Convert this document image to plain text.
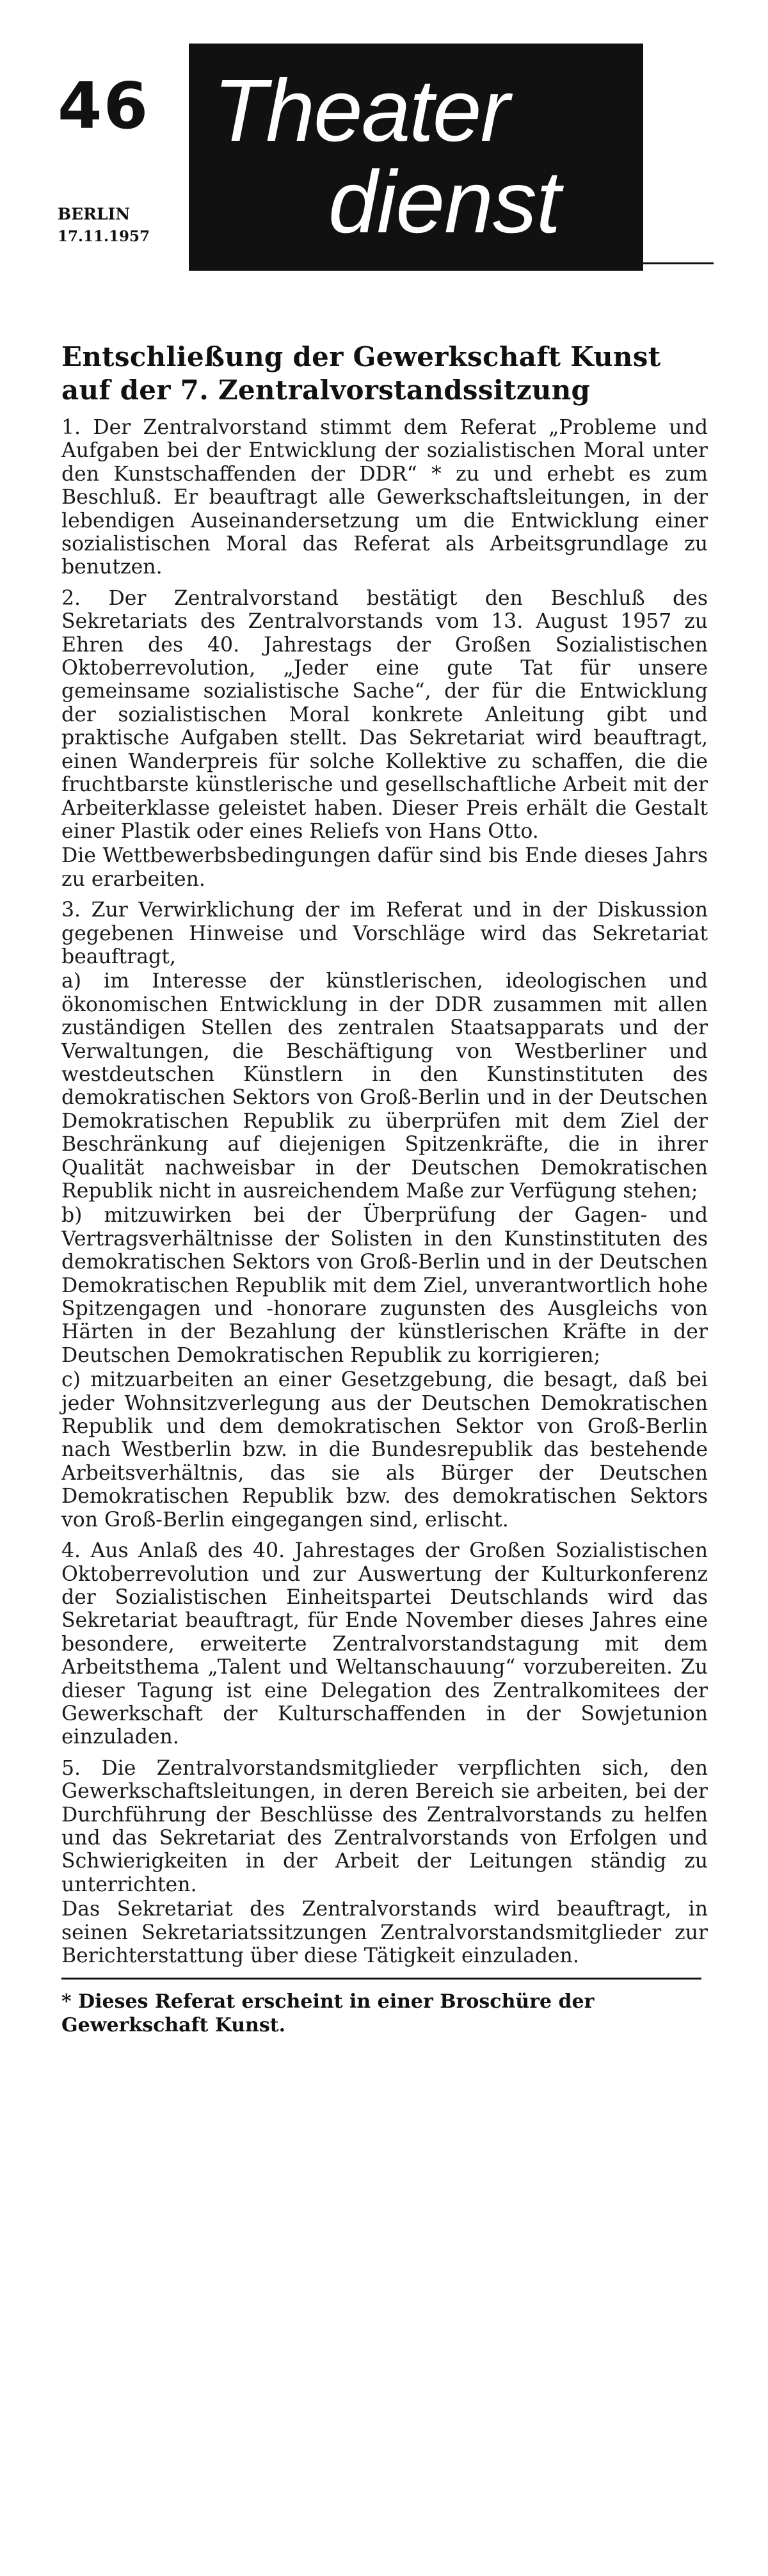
46
BERLIN
17.11.1957
Theater
dienst
Entschließung der Gewerkschaft Kunst auf der 7. Zentralvorstandssitzung

1. Der Zentralvorstand stimmt dem Referat „Probleme und Aufgaben bei der Entwicklung der sozialistischen Moral unter den Kunstschaffenden der DDR“ * zu und erhebt es zum Beschluß. Er beauftragt alle Gewerkschaftsleitungen, in der lebendigen Auseinandersetzung um die Entwicklung einer sozialistischen Moral das Referat als Arbeitsgrundlage zu benutzen.

2. Der Zentralvorstand bestätigt den Beschluß des Sekretariats des Zentralvorstands vom 13. August 1957 zu Ehren des 40. Jahrestags der Großen Sozialistischen Oktoberrevolution, „Jeder eine gute Tat für unsere gemeinsame sozialistische Sache“, der für die Entwicklung der sozialistischen Moral konkrete Anleitung gibt und praktische Aufgaben stellt. Das Sekretariat wird beauftragt, einen Wanderpreis für solche Kollektive zu schaffen, die die fruchtbarste künstlerische und gesellschaftliche Arbeit mit der Arbeiterklasse geleistet haben. Dieser Preis erhält die Gestalt einer Plastik oder eines Reliefs von Hans Otto.

Die Wettbewerbsbedingungen dafür sind bis Ende dieses Jahrs zu erarbeiten.

3. Zur Verwirklichung der im Referat und in der Diskussion gegebenen Hinweise und Vorschläge wird das Sekretariat beauftragt,

a) im Interesse der künstlerischen, ideologischen und ökonomischen Entwicklung in der DDR zusammen mit allen zuständigen Stellen des zentralen Staatsapparats und der Verwaltungen, die Beschäftigung von Westberliner und westdeutschen Künstlern in den Kunstinstituten des demokratischen Sektors von Groß-Berlin und in der Deutschen Demokratischen Republik zu überprüfen mit dem Ziel der Beschränkung auf diejenigen Spitzenkräfte, die in ihrer Qualität nachweisbar in der Deutschen Demokratischen Republik nicht in ausreichendem Maße zur Verfügung stehen;

b) mitzuwirken bei der Überprüfung der Gagen- und Vertragsverhältnisse der Solisten in den Kunstinstituten des demokratischen Sektors von Groß-Berlin und in der Deutschen Demokratischen Republik mit dem Ziel, unverantwortlich hohe Spitzengagen und -honorare zugunsten des Ausgleichs von Härten in der Bezahlung der künstlerischen Kräfte in der Deutschen Demokratischen Republik zu korrigieren;

c) mitzuarbeiten an einer Gesetzgebung, die besagt, daß bei jeder Wohnsitzverlegung aus der Deutschen Demokratischen Republik und dem demokratischen Sektor von Groß-Berlin nach Westberlin bzw. in die Bundesrepublik das bestehende Arbeitsverhältnis, das sie als Bürger der Deutschen Demokratischen Republik bzw. des demokratischen Sektors von Groß-Berlin eingegangen sind, erlischt.

4. Aus Anlaß des 40. Jahrestages der Großen Sozialistischen Oktoberrevolution und zur Auswertung der Kulturkonferenz der Sozialistischen Einheitspartei Deutschlands wird das Sekretariat beauftragt, für Ende November dieses Jahres eine besondere, erweiterte Zentralvorstandstagung mit dem Arbeitsthema „Talent und Weltanschauung“ vorzubereiten. Zu dieser Tagung ist eine Delegation des Zentralkomitees der Gewerkschaft der Kulturschaffenden in der Sowjetunion einzuladen.

5. Die Zentralvorstandsmitglieder verpflichten sich, den Gewerkschaftsleitungen, in deren Bereich sie arbeiten, bei der Durchführung der Beschlüsse des Zentralvorstands zu helfen und das Sekretariat des Zentralvorstands von Erfolgen und Schwierigkeiten in der Arbeit der Leitungen ständig zu unterrichten.

Das Sekretariat des Zentralvorstands wird beauftragt, in seinen Sekretariatssitzungen Zentralvorstandsmitglieder zur Berichterstattung über diese Tätigkeit einzuladen.

* Dieses Referat erscheint in einer Broschüre der Gewerkschaft Kunst.
